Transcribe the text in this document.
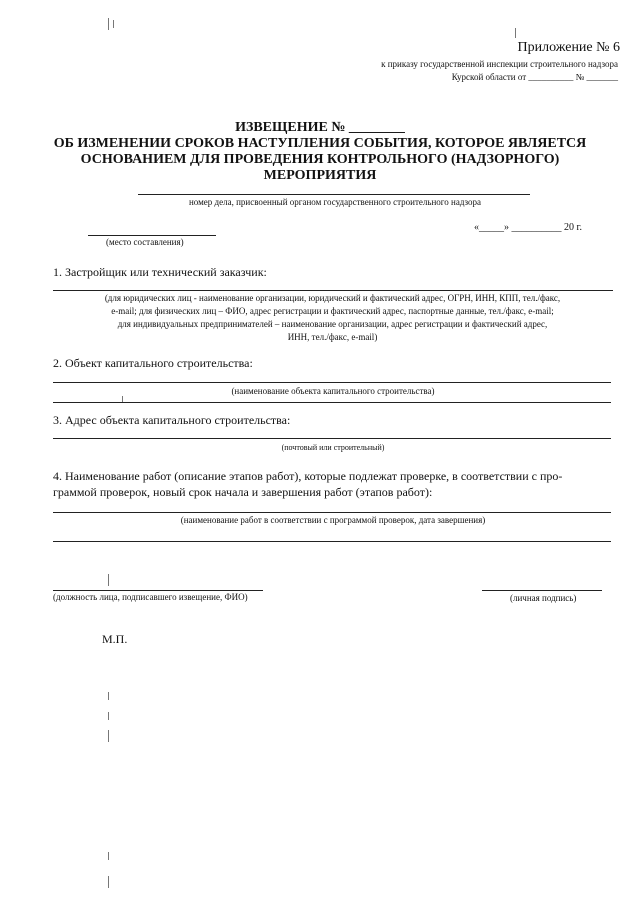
Приложение № 6
к приказу государственной инспекции строительного надзора
Курской области от __________ № _______
ИЗВЕЩЕНИЕ № ________
ОБ ИЗМЕНЕНИИ СРОКОВ НАСТУПЛЕНИЯ СОБЫТИЯ, КОТОРОЕ ЯВЛЯЕТСЯ
ОСНОВАНИЕМ ДЛЯ ПРОВЕДЕНИЯ КОНТРОЛЬНОГО (НАДЗОРНОГО)
МЕРОПРИЯТИЯ
номер дела, присвоенный органом государственного строительного надзора
(место составления)
«_____» __________ 20 г.
1. Застройщик или технический заказчик:
(для юридических лиц - наименование организации, юридический и фактический адрес, ОГРН, ИНН, КПП, тел./факс,
e-mail; для физических лиц – ФИО, адрес регистрации и фактический адрес, паспортные данные, тел./факс, e-mail;
для индивидуальных предпринимателей – наименование организации, адрес регистрации и фактический адрес,
ИНН, тел./факс, e-mail)
2. Объект капитального строительства:
(наименование объекта капитального строительства)
3. Адрес объекта капитального строительства:
(почтовый или строительный)
4. Наименование работ (описание этапов работ), которые подлежат проверке, в соответствии с про-
граммой проверок, новый срок начала и завершения работ (этапов работ):
(наименование работ в соответствии с программой проверок, дата завершения)
(должность лица, подписавшего извещение, ФИО)	(личная подпись)
М.П.
